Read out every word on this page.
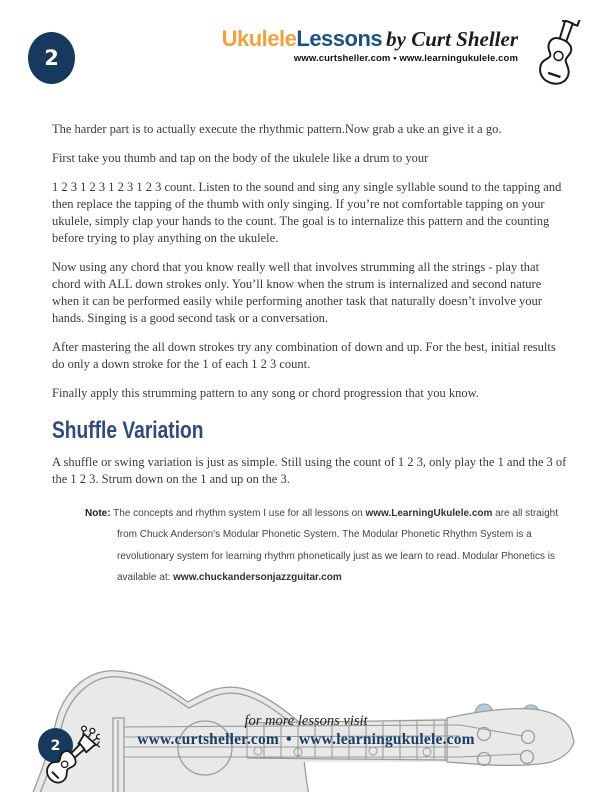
2
UkuleleLessons by Curt Sheller
www.curtsheller.com • www.learningukulele.com

The harder part is to actually execute the rhythmic pattern.Now grab a uke an give it a go.

First take you thumb and tap on the body of the ukulele like a drum to your

1 2 3 1 2 3 1 2 3 1 2 3 count. Listen to the sound and sing any single syllable sound to the tapping and then replace the tapping of the thumb with only singing. If you’re not comfortable tapping on your ukulele, simply clap your hands to the count. The goal is to internalize this pattern and the counting before trying to play anything on the ukulele.

Now using any chord that you know really well that involves strumming all the strings - play that chord with ALL down strokes only. You’ll know when the strum is internalized and second nature when it can be performed easily while performing another task that naturally doesn’t involve your hands. Singing is a good second task or a conversation.

After mastering the all down strokes try any combination of down and up. For the best, initial results do only a down stroke for the 1 of each 1 2 3 count.

Finally apply this strumming pattern to any song or chord progression that you know.

Shuffle Variation

A shuffle or swing variation is just as simple. Still using the count of 1 2 3, only play the 1 and the 3 of the 1 2 3. Strum down on the 1 and up on the 3.

Note: The concepts and rhythm system I use for all lessons on www.LearningUkulele.com are all straight from Chuck Anderson's Modular Phonetic System. The Modular Phonetic Rhythm System is a revolutionary system for learning rhythm phonetically just as we learn to read. Modular Phonetics is available at: www.chuckandersonjazzguitar.com
for more lessons visit
www.curtsheller.com • www.learningukulele.com
2
